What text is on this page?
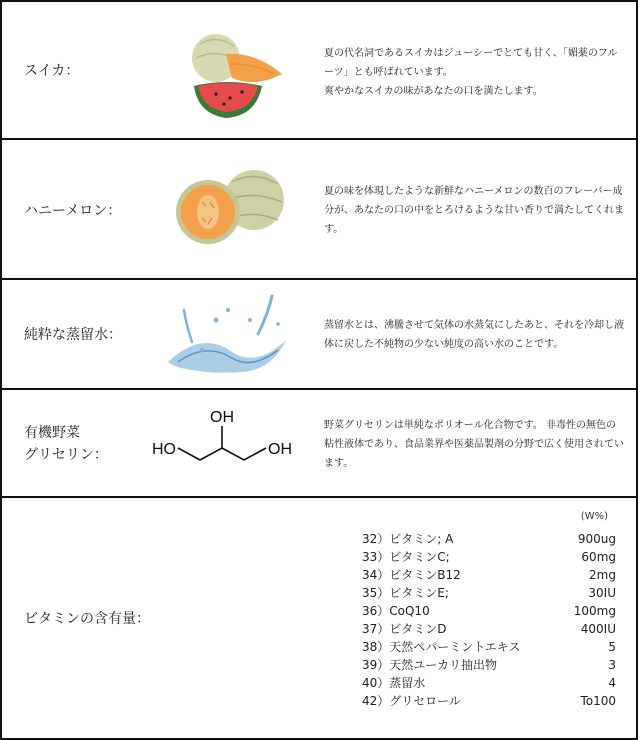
スイカ：
夏の代名詞であるスイカはジューシーでとても甘く、「媚薬のフルーツ」とも呼ばれています。
爽やかなスイカの味があなたの口を満たします。
ハニーメロン：
夏の味を体現したような新鮮なハニーメロンの数百のフレーバー成分が、あなたの口の中をとろけるような甘い香りで満たしてくれます。
純粋な蒸留水：
蒸留水とは、沸騰させて気体の水蒸気にしたあと、それを冷却し液体に戻した不純物の少ない純度の高い水のことです。
有機野菜
グリセリン：
OH
HO	OH
野菜グリセリンは単純なポリオール化合物です。 非毒性の無色の粘性液体であり、食品業界や医薬品製剤の分野で広く使用されています。
ビタミンの含有量：
(W%)
32）ビタミン; A	900ug
33）ビタミンC;	60mg
34）ビタミンB12	2mg
35）ビタミンE;	30IU
36）CoQ10	100mg
37）ビタミンD	400IU
38）天然ペパーミントエキス	5
39）天然ユーカリ抽出物	3
40）蒸留水	4
42）グリセロール	To100
